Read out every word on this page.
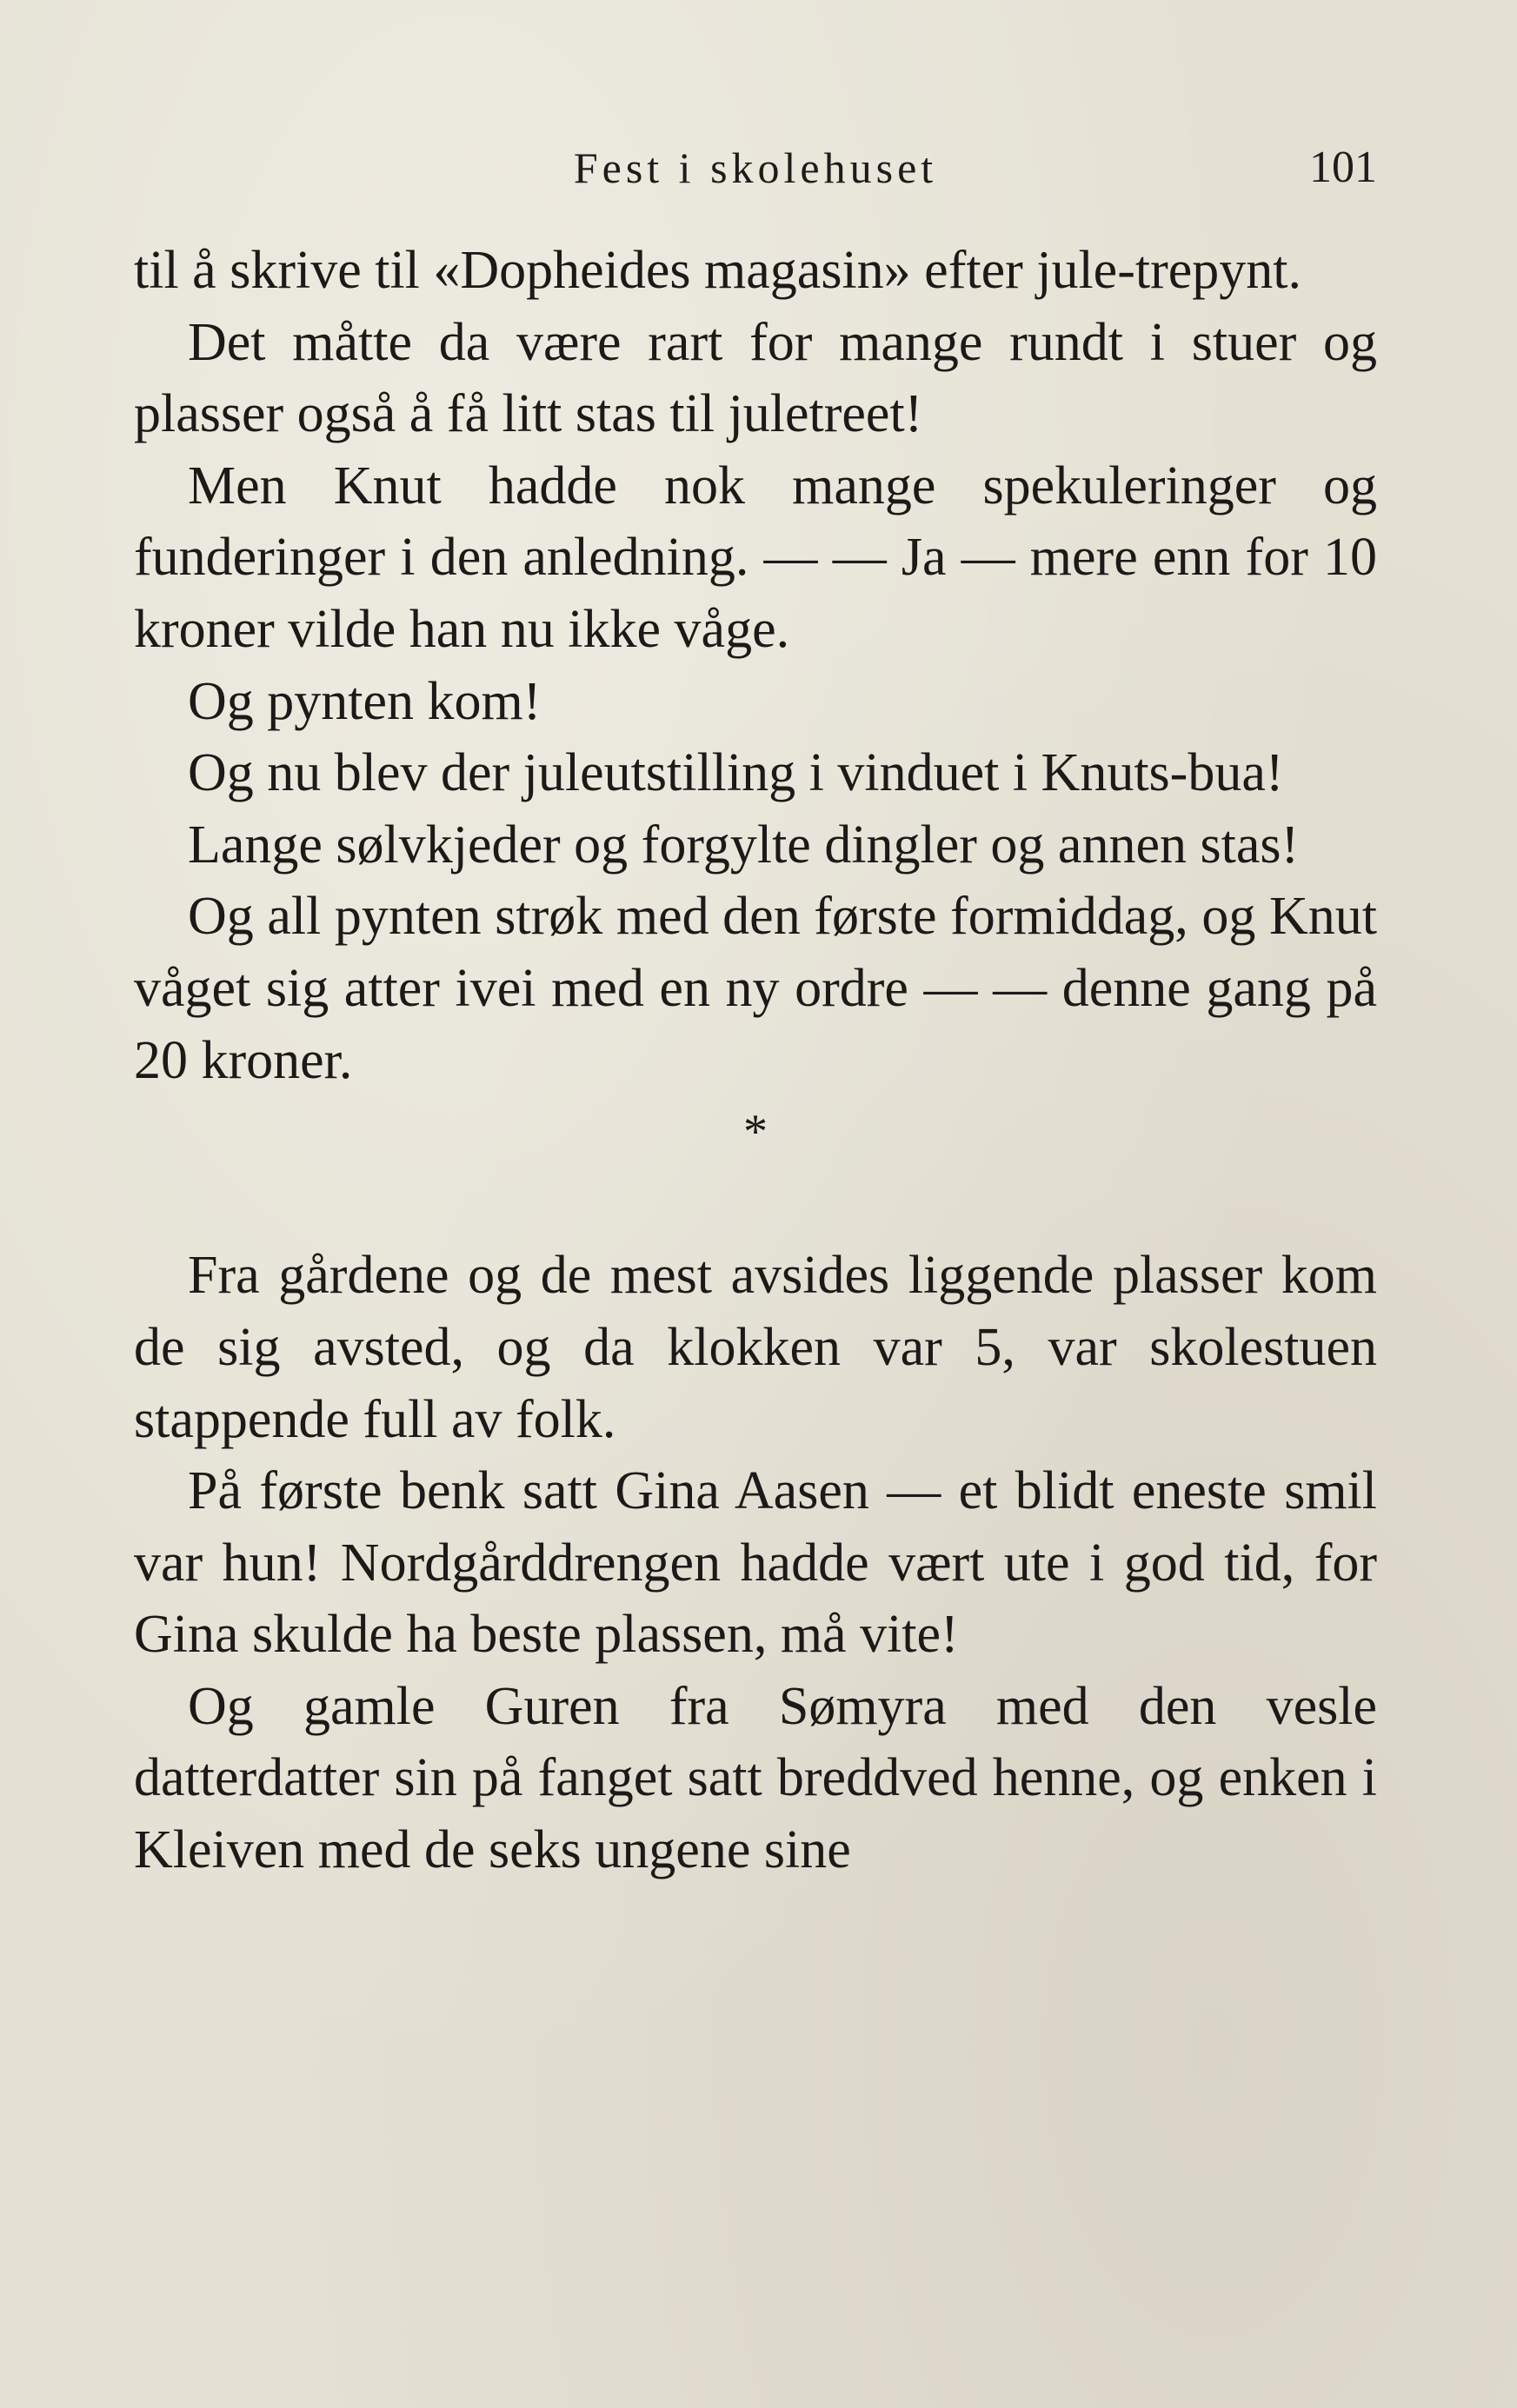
Fest i skolehuset	101

til å skrive til «Dopheides magasin» efter jule-trepynt.

Det måtte da være rart for mange rundt i stuer og plasser også å få litt stas til juletreet!

Men Knut hadde nok mange spekuleringer og funderinger i den anledning. — — Ja — mere enn for 10 kroner vilde han nu ikke våge.

Og pynten kom!

Og nu blev der juleutstilling i vinduet i Knuts-bua!

Lange sølvkjeder og forgylte dingler og annen stas!

Og all pynten strøk med den første formiddag, og Knut våget sig atter ivei med en ny ordre — — denne gang på 20 kroner.

*

Fra gårdene og de mest avsides liggende plasser kom de sig avsted, og da klokken var 5, var skolestuen stappende full av folk.

På første benk satt Gina Aasen — et blidt eneste smil var hun! Nordgårddrengen hadde vært ute i god tid, for Gina skulde ha beste plassen, må vite!

Og gamle Guren fra Sømyra med den vesle datterdatter sin på fanget satt breddved henne, og enken i Kleiven med de seks ungene sine
